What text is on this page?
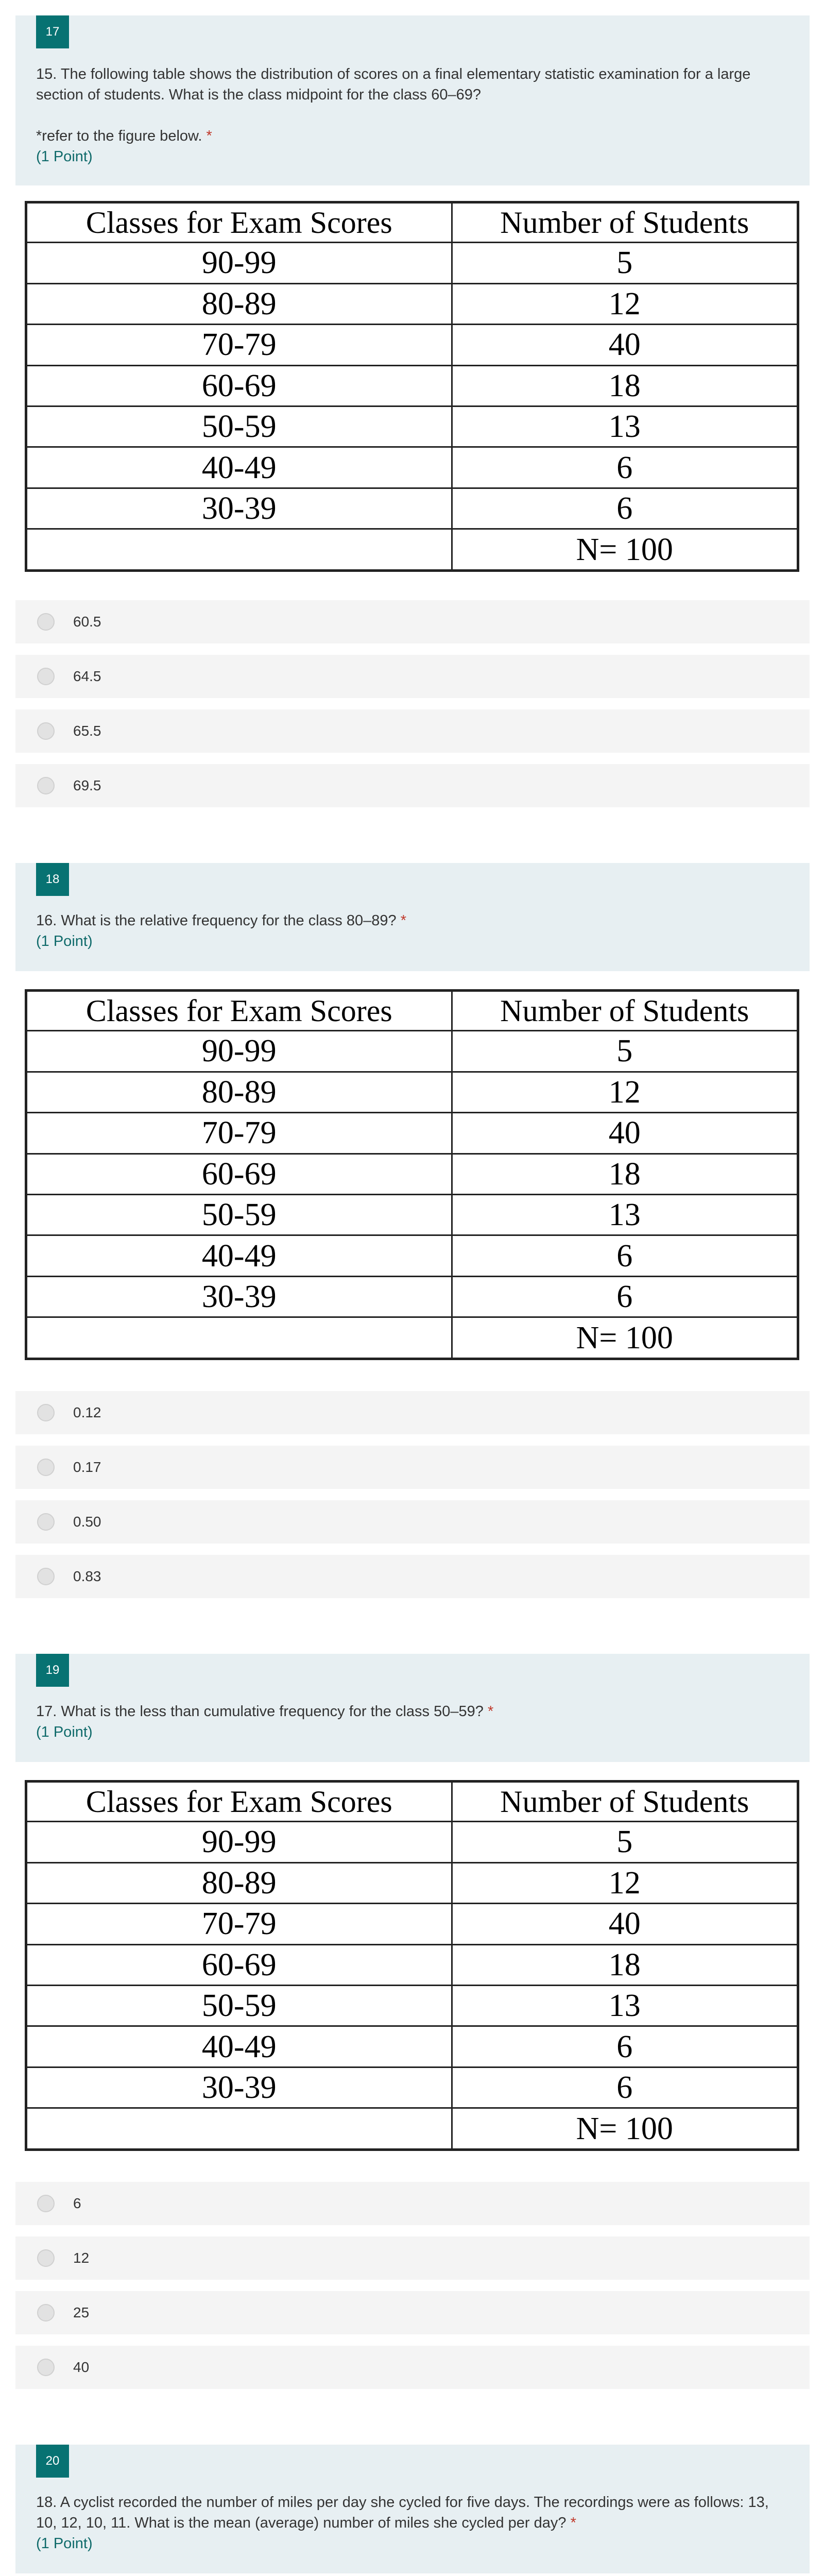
17
15. The following table shows the distribution of scores on a final elementary statistic examination for a large section of students. What is the class midpoint for the class 60–69?
*refer to the figure below. *
(1 Point)
Classes for Exam Scores	Number of Students
90-99	5
80-89	12
70-79	40
60-69	18
50-59	13
40-49	6
30-39	6
	N= 100
60.5
64.5
65.5
69.5
18
16. What is the relative frequency for the class 80–89? *
(1 Point)
Classes for Exam Scores	Number of Students
90-99	5
80-89	12
70-79	40
60-69	18
50-59	13
40-49	6
30-39	6
	N= 100
0.12
0.17
0.50
0.83
19
17. What is the less than cumulative frequency for the class 50–59? *
(1 Point)
Classes for Exam Scores	Number of Students
90-99	5
80-89	12
70-79	40
60-69	18
50-59	13
40-49	6
30-39	6
	N= 100
6
12
25
40
20
18. A cyclist recorded the number of miles per day she cycled for five days. The recordings were as follows: 13, 10, 12, 10, 11. What is the mean (average) number of miles she cycled per day? *
(1 Point)
